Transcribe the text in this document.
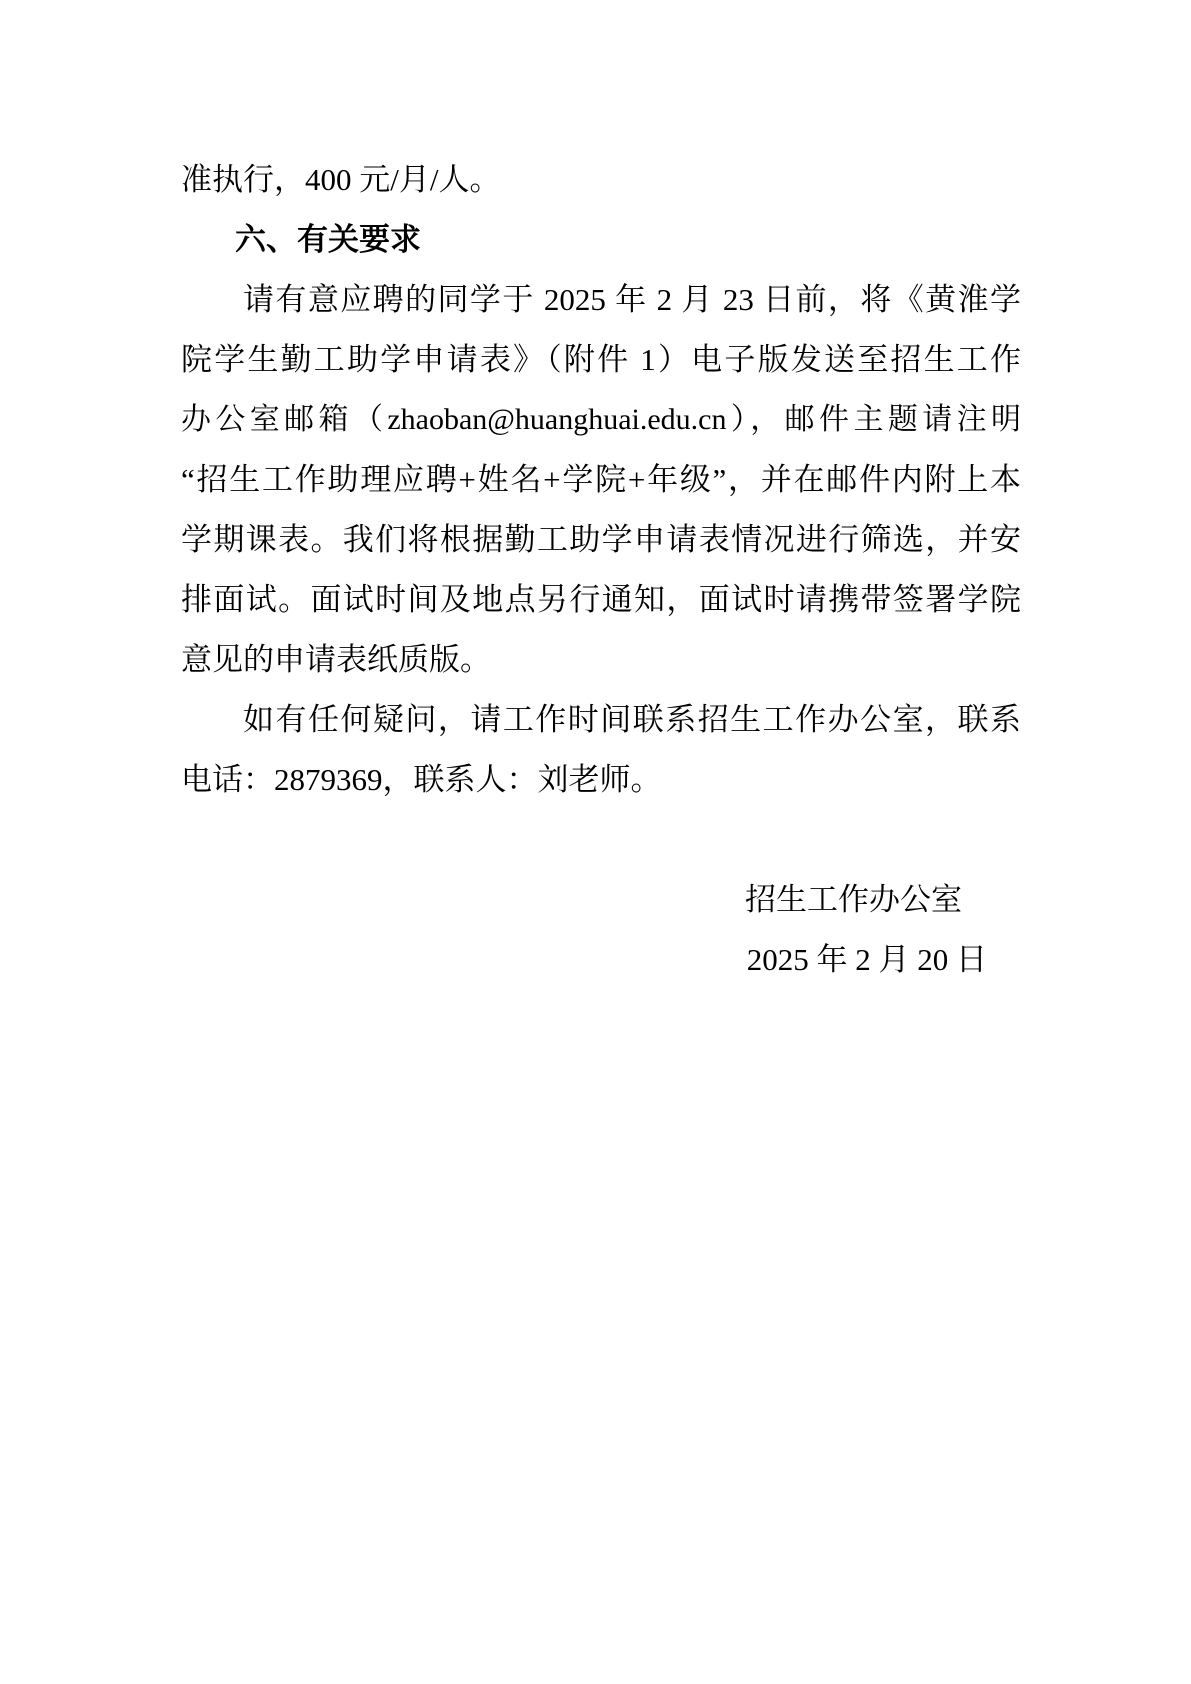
准执行，400 元/月/人。
六、有关要求
请有意应聘的同学于 2025 年 2 月 23 日前，将《黄淮学
院学生勤工助学申请表》（附件 1）电子版发送至招生工作
办公室邮箱（zhaoban@huanghuai.edu.cn），邮件主题请注明
“招生工作助理应聘+姓名+学院+年级”，并在邮件内附上本
学期课表。我们将根据勤工助学申请表情况进行筛选，并安
排面试。面试时间及地点另行通知，面试时请携带签署学院
意见的申请表纸质版。
如有任何疑问，请工作时间联系招生工作办公室，联系
电话：2879369，联系人：刘老师。
招生工作办公室
2025 年 2 月 20 日
